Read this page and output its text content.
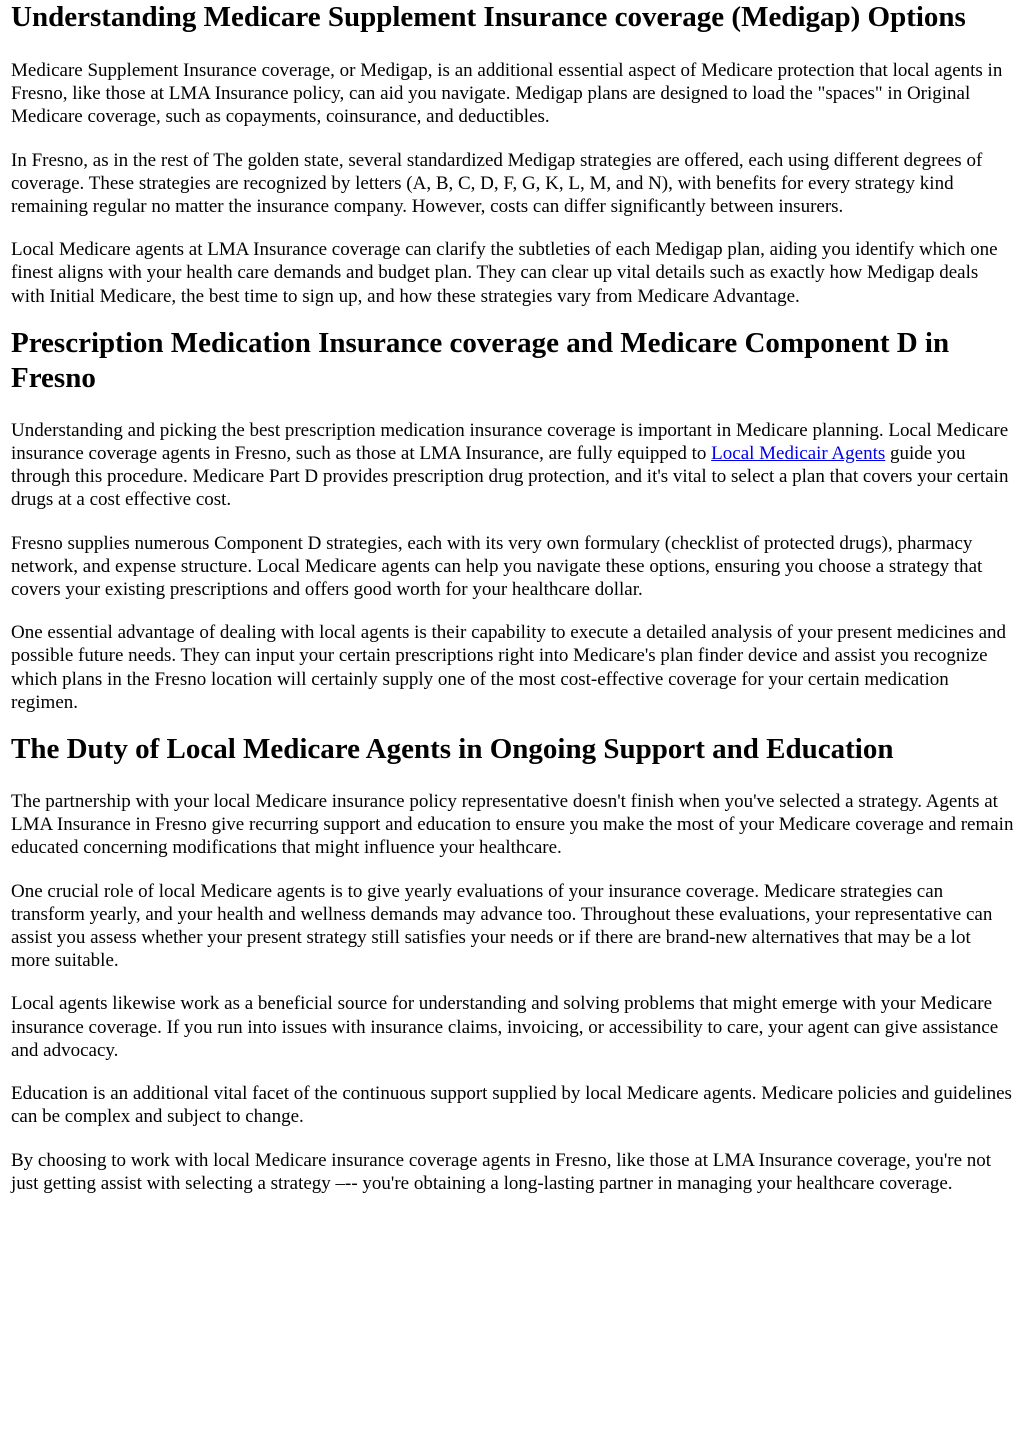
Understanding Medicare Supplement Insurance coverage (Medigap) Options

Medicare Supplement Insurance coverage, or Medigap, is an additional essential aspect of Medicare protection that local agents in Fresno, like those at LMA Insurance policy, can aid you navigate. Medigap plans are designed to load the "spaces" in Original Medicare coverage, such as copayments, coinsurance, and deductibles.

In Fresno, as in the rest of The golden state, several standardized Medigap strategies are offered, each using different degrees of coverage. These strategies are recognized by letters (A, B, C, D, F, G, K, L, M, and N), with benefits for every strategy kind remaining regular no matter the insurance company. However, costs can differ significantly between insurers.

Local Medicare agents at LMA Insurance coverage can clarify the subtleties of each Medigap plan, aiding you identify which one finest aligns with your health care demands and budget plan. They can clear up vital details such as exactly how Medigap deals with Initial Medicare, the best time to sign up, and how these strategies vary from Medicare Advantage.

Prescription Medication Insurance coverage and Medicare Component D in Fresno

Understanding and picking the best prescription medication insurance coverage is important in Medicare planning. Local Medicare insurance coverage agents in Fresno, such as those at LMA Insurance, are fully equipped to Local Medicair Agents guide you through this procedure. Medicare Part D provides prescription drug protection, and it's vital to select a plan that covers your certain drugs at a cost effective cost.

Fresno supplies numerous Component D strategies, each with its very own formulary (checklist of protected drugs), pharmacy network, and expense structure. Local Medicare agents can help you navigate these options, ensuring you choose a strategy that covers your existing prescriptions and offers good worth for your healthcare dollar.

One essential advantage of dealing with local agents is their capability to execute a detailed analysis of your present medicines and possible future needs. They can input your certain prescriptions right into Medicare's plan finder device and assist you recognize which plans in the Fresno location will certainly supply one of the most cost-effective coverage for your certain medication regimen.

The Duty of Local Medicare Agents in Ongoing Support and Education

The partnership with your local Medicare insurance policy representative doesn't finish when you've selected a strategy. Agents at LMA Insurance in Fresno give recurring support and education to ensure you make the most of your Medicare coverage and remain educated concerning modifications that might influence your healthcare.

One crucial role of local Medicare agents is to give yearly evaluations of your insurance coverage. Medicare strategies can transform yearly, and your health and wellness demands may advance too. Throughout these evaluations, your representative can assist you assess whether your present strategy still satisfies your needs or if there are brand-new alternatives that may be a lot more suitable.

Local agents likewise work as a beneficial source for understanding and solving problems that might emerge with your Medicare insurance coverage. If you run into issues with insurance claims, invoicing, or accessibility to care, your agent can give assistance and advocacy.

Education is an additional vital facet of the continuous support supplied by local Medicare agents. Medicare policies and guidelines can be complex and subject to change.

By choosing to work with local Medicare insurance coverage agents in Fresno, like those at LMA Insurance coverage, you're not just getting assist with selecting a strategy –-- you're obtaining a long-lasting partner in managing your healthcare coverage.
